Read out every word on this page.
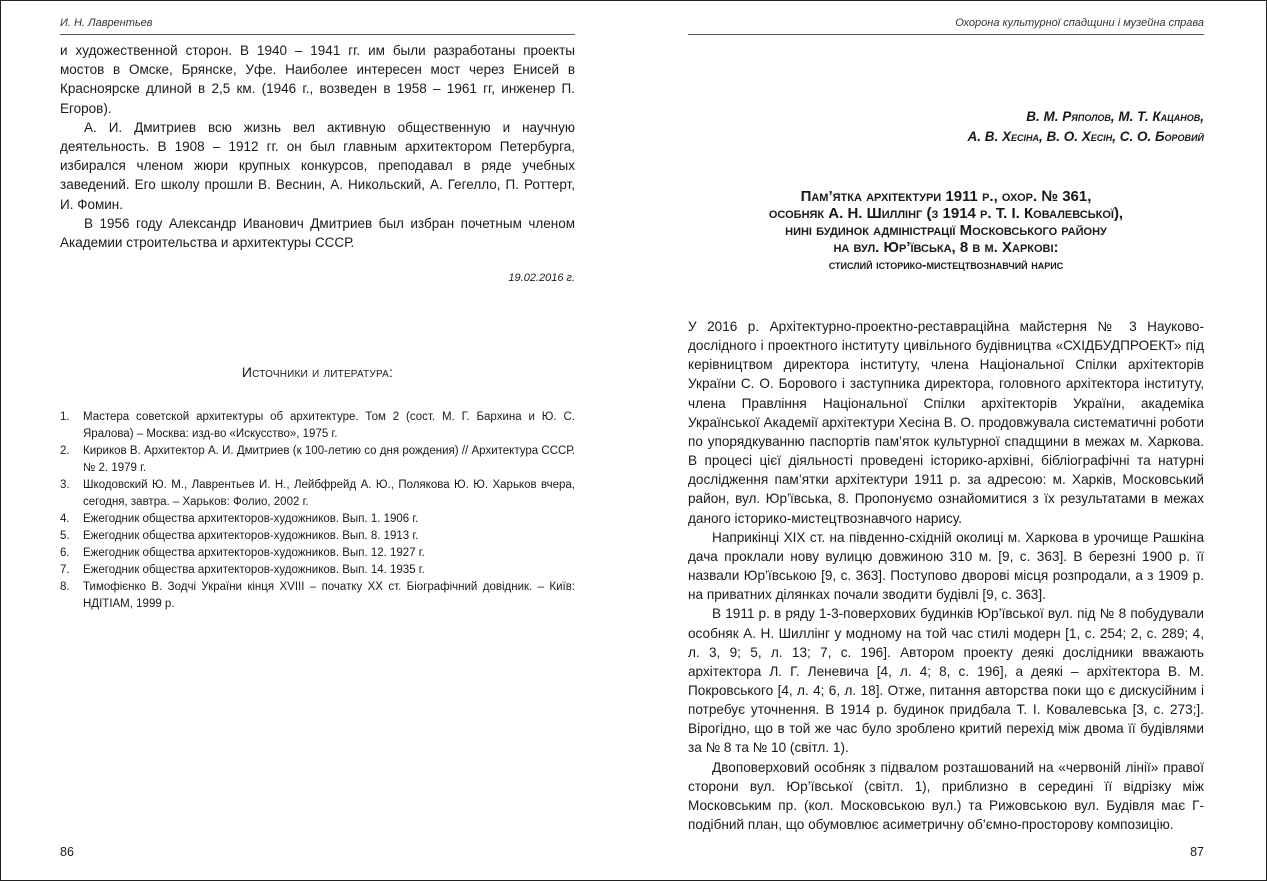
И. Н. Лаврентьев

и художественной сторон. В 1940 – 1941 гг. им были разработаны проекты мостов в Омске, Брянске, Уфе. Наиболее интересен мост через Енисей в Красноярске длиной в 2,5 км. (1946 г., возведен в 1958 – 1961 гг, инженер П. Егоров).

А. И. Дмитриев всю жизнь вел активную общественную и научную деятельность. В 1908 – 1912 гг. он был главным архитектором Петербурга, избирался членом жюри крупных конкурсов, преподавал в ряде учебных заведений. Его школу прошли В. Веснин, А. Никольский, А. Гегелло, П. Роттерт, И. Фомин.

В 1956 году Александр Иванович Дмитриев был избран почетным членом Академии строительства и архитектуры СССР.

19.02.2016 г.
Источники и литература:
1. Мастера советской архитектуры об архитектуре. Том 2 (сост. М. Г. Бархина и Ю. С. Яралова) – Москва: изд-во «Искусство», 1975 г.
2. Кириков В. Архитектор А. И. Дмитриев (к 100-летию со дня рождения) // Архитектура СССР. № 2. 1979 г.
3. Шкодовский Ю. М., Лаврентьев И. Н., Лейбфрейд А. Ю., Полякова Ю. Ю. Харьков вчера, сегодня, завтра. – Харьков: Фолио, 2002 г.
4. Ежегодник общества архитекторов-художников. Вып. 1. 1906 г.
5. Ежегодник общества архитекторов-художников. Вып. 8. 1913 г.
6. Ежегодник общества архитекторов-художников. Вып. 12. 1927 г.
7. Ежегодник общества архитекторов-художников. Вып. 14. 1935 г.
8. Тимофієнко В. Зодчі України кінця XVIII – початку XX ст. Біографічний довідник. – Київ: НДІТІАМ, 1999 р.
86
Охорона культурної спадщини і музейна справа
В. М. Ряполов, М. Т. Кацанов,
А. В. Хесіна, В. О. Хесін, С. О. Боровий
Пам’ятка архітектури 1911 р., охор. № 361,
особняк А. Н. Шиллінг (з 1914 р. Т. І. Ковалевської),
нині будинок адміністрації Московського району
на вул. Юр’ївська, 8 в м. Харкові:
стислий історико-мистецтвознавчий нарис

У 2016 р. Архітектурно-проектно-реставраційна майстерня № 3 Науково-дослідного і проектного інституту цивільного будівництва «СХІДБУДПРОЕКТ» під керівництвом директора інституту, члена Національної Спілки архітекторів України С. О. Борового і заступника директора, головного архітектора інституту, члена Правління Національної Спілки архітекторів України, академіка Української Академії архітектури Хесіна В. О. продовжувала систематичні роботи по упорядкуванню паспортів пам’яток культурної спадщини в межах м. Харкова. В процесі цієї діяльності проведені історико-архівні, бібліографічні та натурні дослідження пам’ятки архітектури 1911 р. за адресою: м. Харків, Московський район, вул. Юр’ївська, 8. Пропонуємо ознайомитися з їх результатами в межах даного історико-мистецтвознавчого нарису.

Наприкінці XIX ст. на південно-східній околиці м. Харкова в урочище Рашкіна дача проклали нову вулицю довжиною 310 м. [9, с. 363]. В березні 1900 р. її назвали Юр’ївською [9, с. 363]. Поступово дворові місця розпродали, а з 1909 р. на приватних ділянках почали зводити будівлі [9, с. 363].

В 1911 р. в ряду 1-3-поверхових будинків Юр’ївської вул. під № 8 побудували особняк А. Н. Шиллінг у модному на той час стилі модерн [1, с. 254; 2, с. 289; 4, л. 3, 9; 5, л. 13; 7, с. 196]. Автором проекту деякі дослідники вважають архітектора Л. Г. Леневича [4, л. 4; 8, с. 196], а деякі – архітектора В. М. Покровського [4, л. 4; 6, л. 18]. Отже, питання авторства поки що є дискусійним і потребує уточнення. В 1914 р. будинок придбала Т. І. Ковалевська [3, с. 273;]. Вірогідно, що в той же час було зроблено критий перехід між двома її будівлями за № 8 та № 10 (світл. 1).

Двоповерховий особняк з підвалом розташований на «червоній лінії» правої сторони вул. Юр’ївської (світл. 1), приблизно в середині її відрізку між Московським пр. (кол. Московською вул.) та Рижовською вул. Будівля має Г-подібний план, що обумовлює асиметричну об’ємно-просторову композицію.

87
